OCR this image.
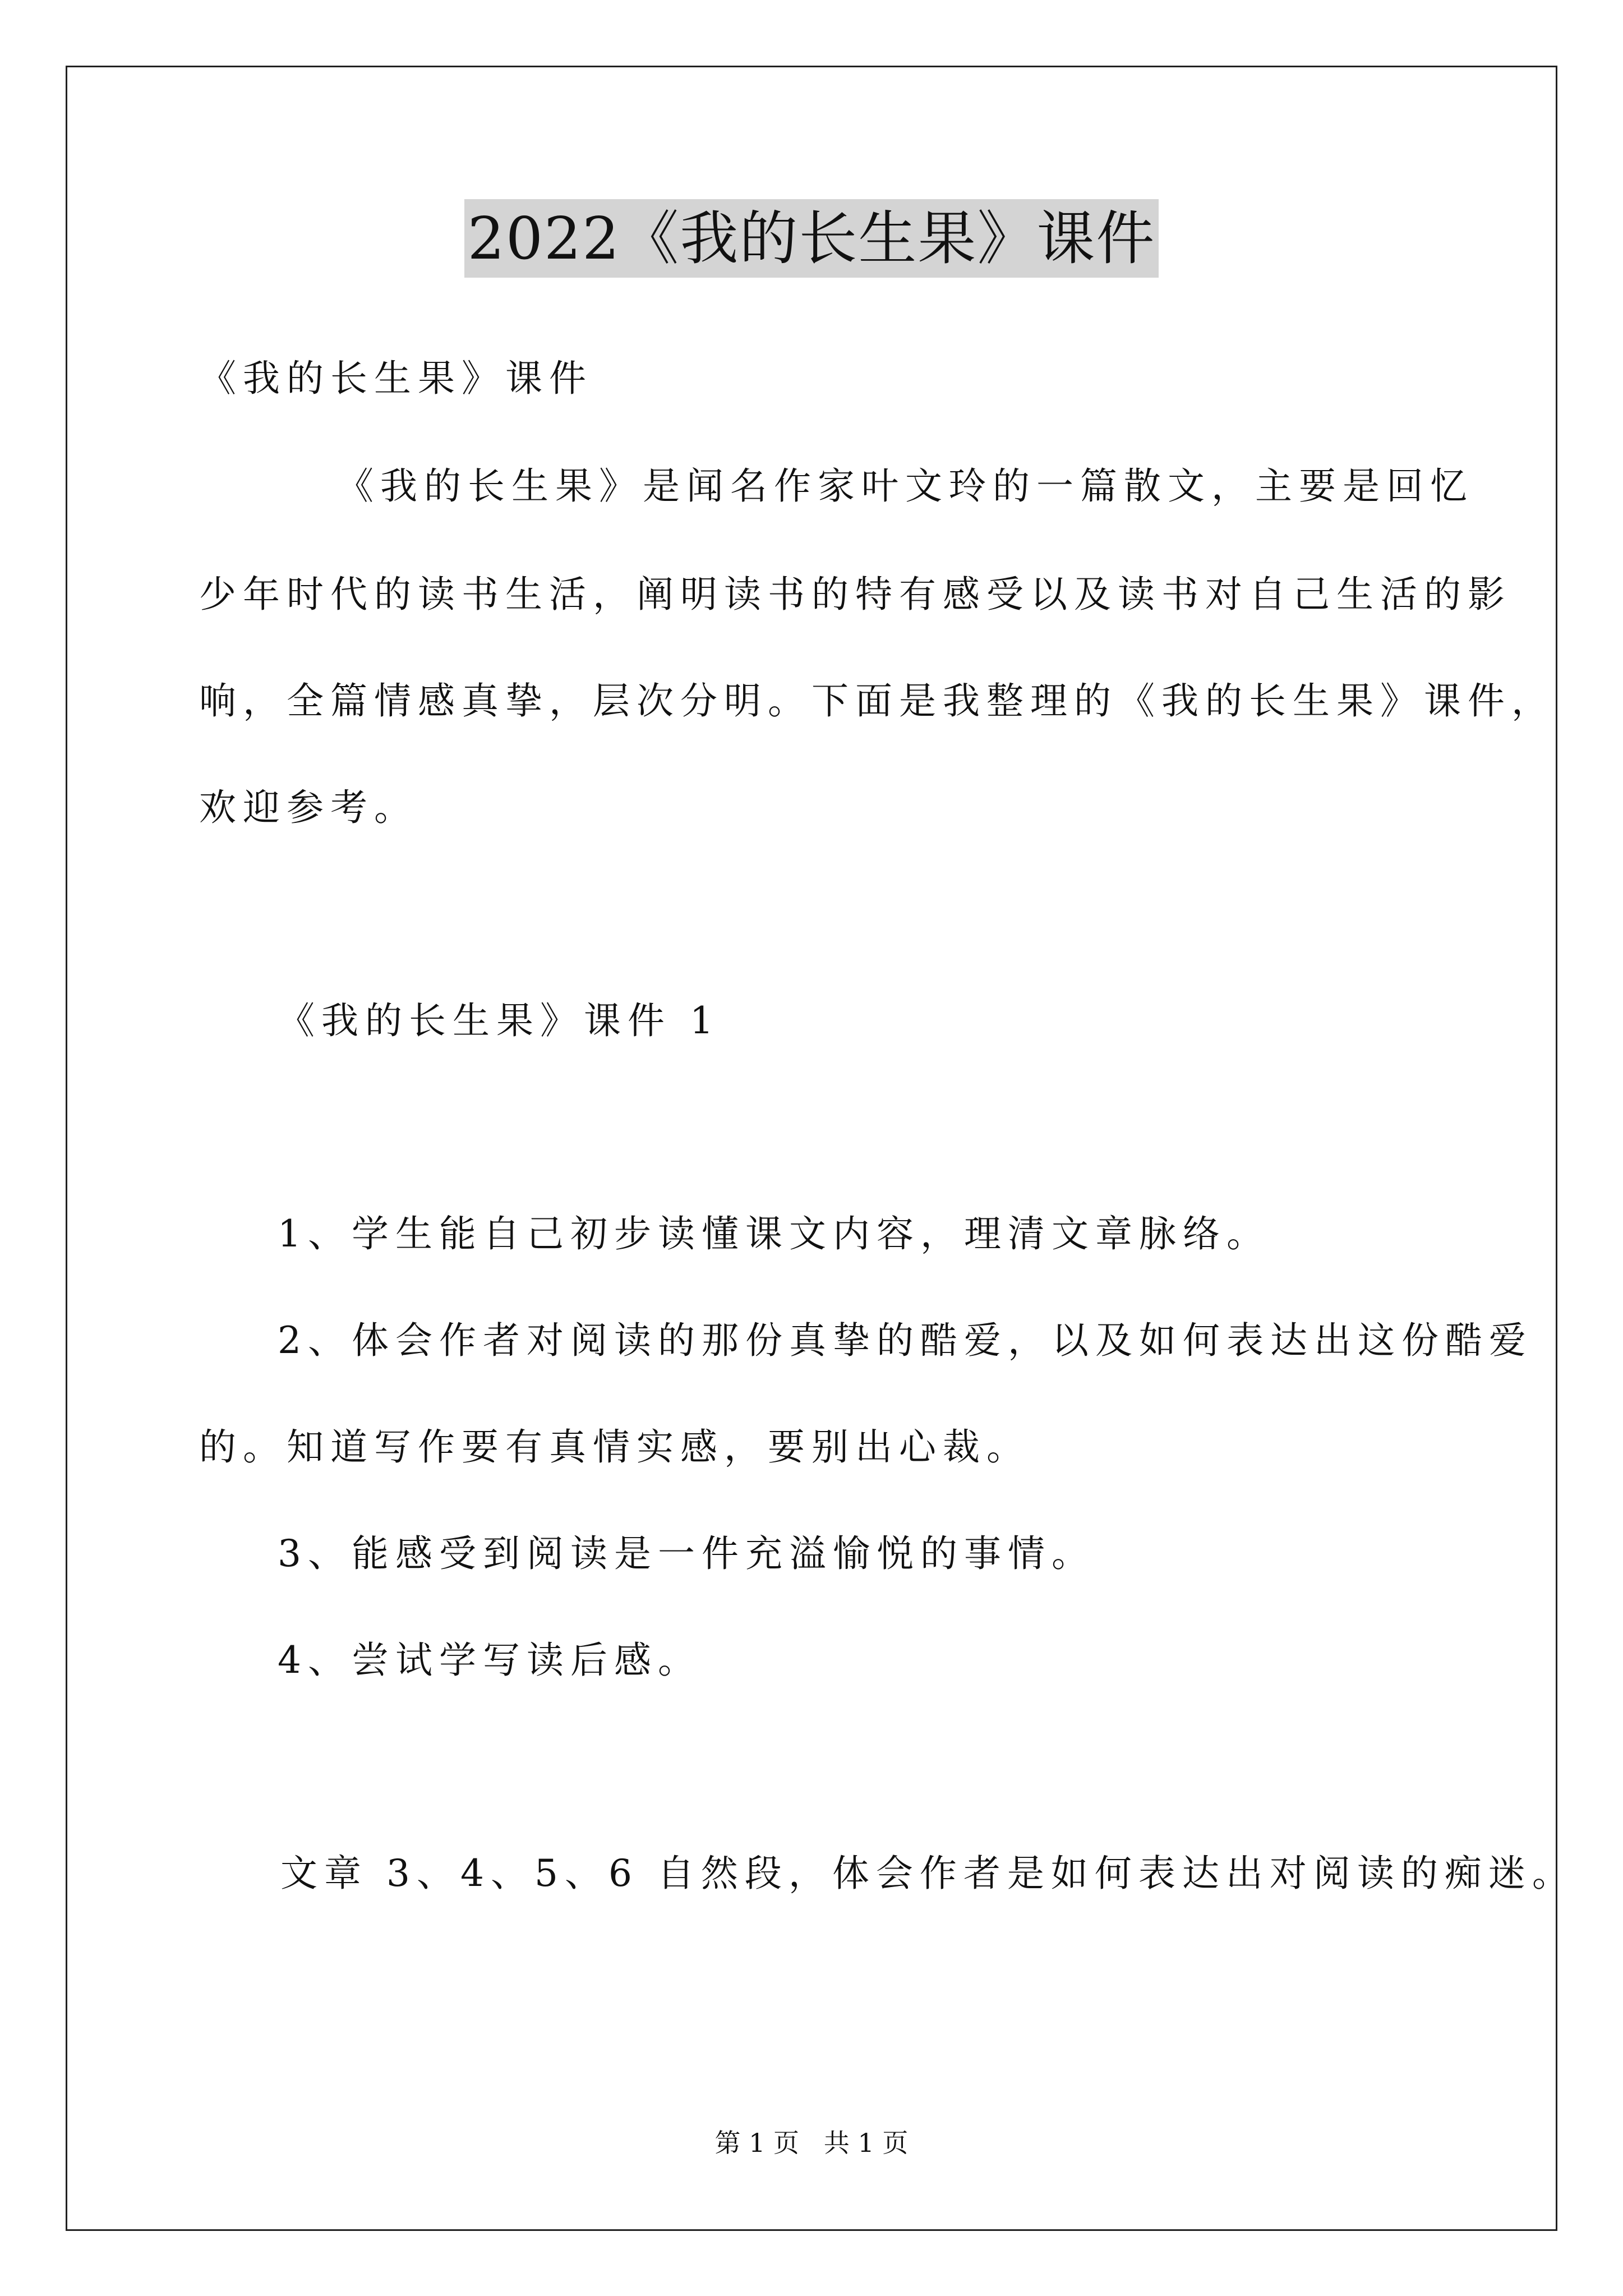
2022《我的长生果》课件
《我的长生果》课件
《我的长生果》是闻名作家叶文玲的一篇散文，主要是回忆
少年时代的读书生活，阐明读书的特有感受以及读书对自己生活的影
响，全篇情感真挚，层次分明。下面是我整理的《我的长生果》课件，
欢迎参考。
《我的长生果》课件 1
1、学生能自己初步读懂课文内容，理清文章脉络。
2、体会作者对阅读的那份真挚的酷爱，以及如何表达出这份酷爱
的。知道写作要有真情实感，要别出心裁。
3、能感受到阅读是一件充溢愉悦的事情。
4、尝试学写读后感。
文章 3、4、5、6 自然段，体会作者是如何表达出对阅读的痴迷。
第 1 页   共 1 页
